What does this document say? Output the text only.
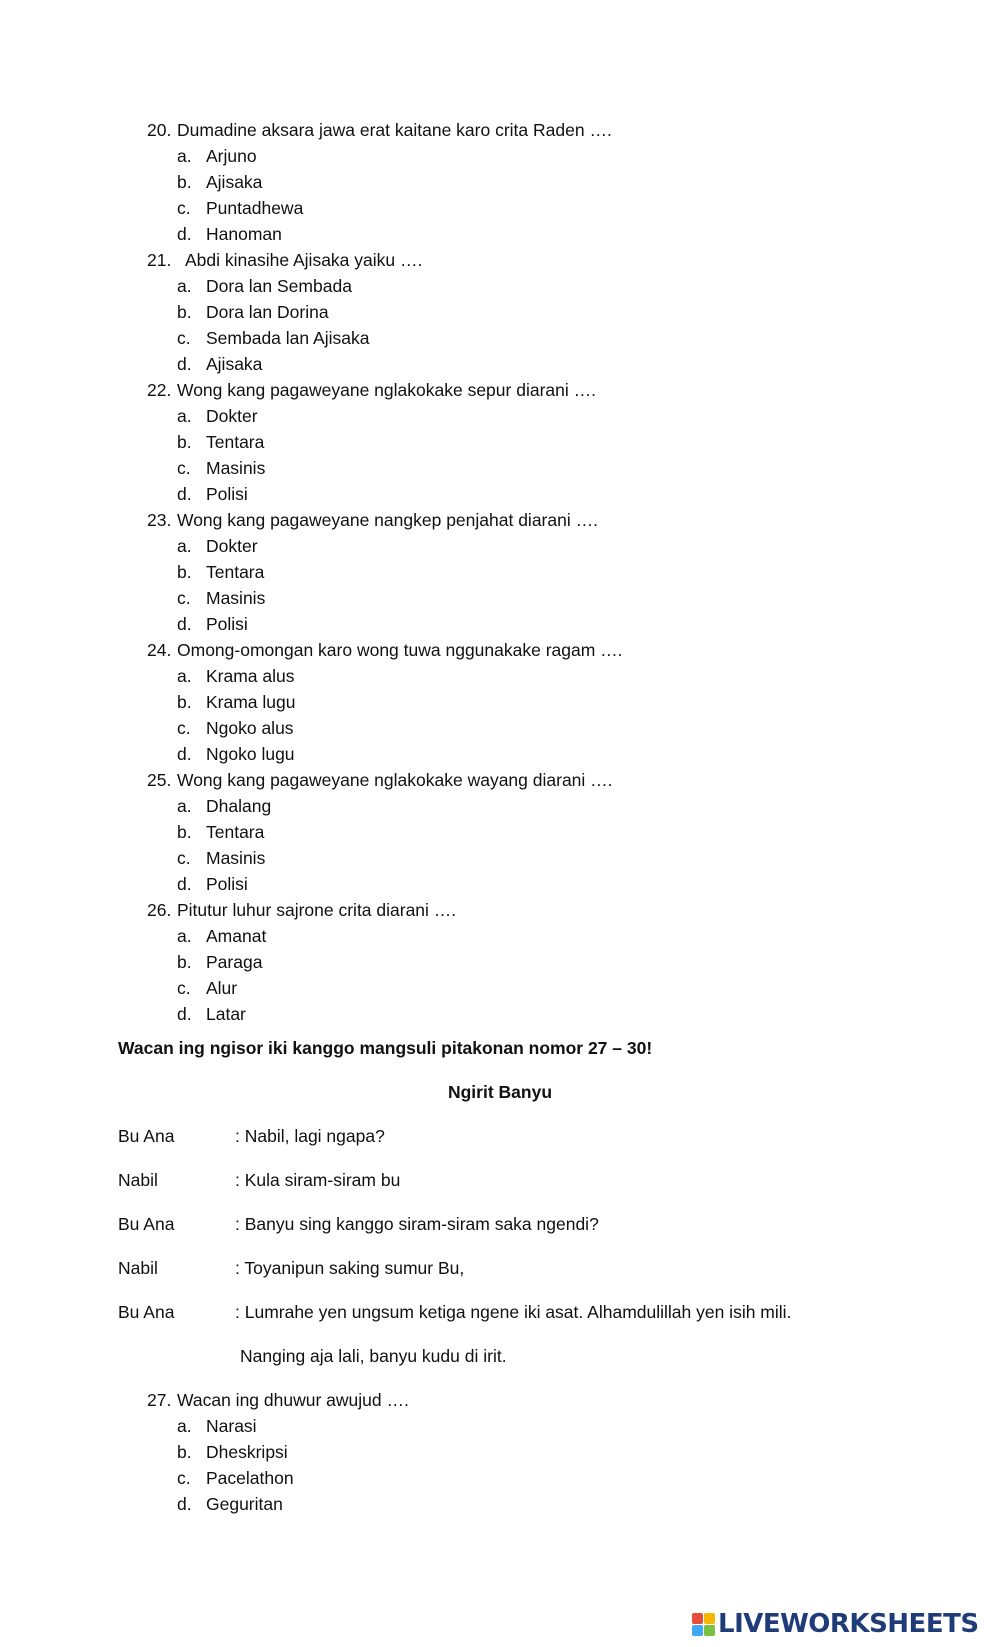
20. Dumadine aksara jawa erat kaitane karo crita Raden ….
a. Arjuno
b. Ajisaka
c. Puntadhewa
d. Hanoman
21. Abdi kinasihe Ajisaka yaiku ….
a. Dora lan Sembada
b. Dora lan Dorina
c. Sembada lan Ajisaka
d. Ajisaka
22. Wong kang pagaweyane nglakokake sepur diarani ….
a. Dokter
b. Tentara
c. Masinis
d. Polisi
23. Wong kang pagaweyane nangkep penjahat diarani ….
a. Dokter
b. Tentara
c. Masinis
d. Polisi
24. Omong-omongan karo wong tuwa nggunakake ragam ….
a. Krama alus
b. Krama lugu
c. Ngoko alus
d. Ngoko lugu
25. Wong kang pagaweyane nglakokake wayang diarani ….
a. Dhalang
b. Tentara
c. Masinis
d. Polisi
26. Pitutur luhur sajrone crita diarani ….
a. Amanat
b. Paraga
c. Alur
d. Latar
Wacan ing ngisor iki kanggo mangsuli pitakonan nomor 27 – 30!
Ngirit Banyu
Bu Ana	: Nabil, lagi ngapa?
Nabil	: Kula siram-siram bu
Bu Ana	: Banyu sing kanggo siram-siram saka ngendi?
Nabil	: Toyanipun saking sumur Bu,
Bu Ana	: Lumrahe yen ungsum ketiga ngene iki asat. Alhamdulillah yen isih mili.
Nanging aja lali, banyu kudu di irit.
27. Wacan ing dhuwur awujud ….
a. Narasi
b. Dheskripsi
c. Pacelathon
d. Geguritan
LIVEWORKSHEETS
